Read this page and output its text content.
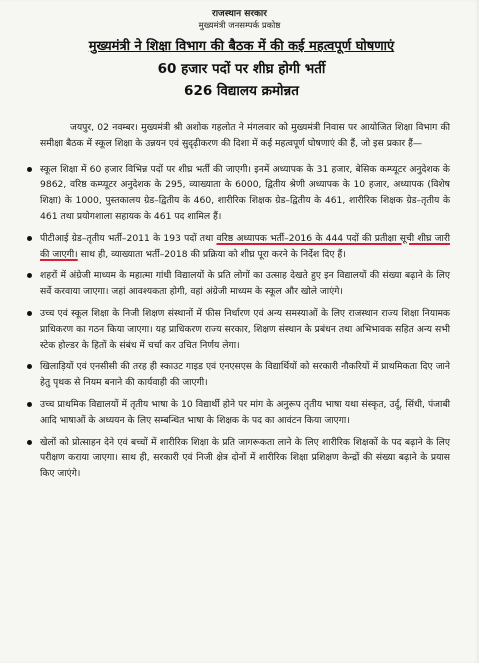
राजस्थान सरकार
मुख्यमंत्री जनसम्पर्क प्रकोष्ठ
मुख्यमंत्री ने शिक्षा विभाग की बैठक में की कई महत्वपूर्ण घोषणाएं
60 हजार पदों पर शीघ्र होगी भर्ती
626 विद्यालय क्रमोन्नत

जयपुर, 02 नवम्बर। मुख्यमंत्री श्री अशोक गहलोत ने मंगलवार को मुख्यमंत्री निवास पर आयोजित शिक्षा विभाग की समीक्षा बैठक में स्कूल शिक्षा के उन्नयन एवं सुदृढ़ीकरण की दिशा में कई महत्वपूर्ण घोषणाएं की हैं, जो इस प्रकार हैं—

स्कूल शिक्षा में 60 हजार विभिन्न पदों पर शीघ्र भर्ती की जाएगी। इनमें अध्यापक के 31 हजार, बेसिक कम्प्यूटर अनुदेशक के 9862, वरिष्ठ कम्प्यूटर अनुदेशक के 295, व्याख्याता के 6000, द्वितीय श्रेणी अध्यापक के 10 हजार, अध्यापक (विशेष शिक्षा) के 1000, पुस्तकालय ग्रेड–द्वितीय के 460, शारीरिक शिक्षक ग्रेड–द्वितीय के 461, शारीरिक शिक्षक ग्रेड–तृतीय के 461 तथा प्रयोगशाला सहायक के 461 पद शामिल हैं।

पीटीआई ग्रेड–तृतीय भर्ती–2011 के 193 पदों तथा वरिष्ठ अध्यापक भर्ती–2016 के 444 पदों की प्रतीक्षा सूची शीघ्र जारी की जाएगी। साथ ही, व्याख्याता भर्ती–2018 की प्रक्रिया को शीघ्र पूरा करने के निर्देश दिए हैं।

शहरों में अंग्रेजी माध्यम के महात्मा गांधी विद्यालयों के प्रति लोगों का उत्साह देखते हुए इन विद्यालयों की संख्या बढ़ाने के लिए सर्वे करवाया जाएगा। जहां आवश्यकता होगी, वहां अंग्रेजी माध्यम के स्कूल और खोले जाएंगे।

उच्च एवं स्कूल शिक्षा के निजी शिक्षण संस्थानों में फीस निर्धारण एवं अन्य समस्याओं के लिए राजस्थान राज्य शिक्षा नियामक प्राधिकरण का गठन किया जाएगा। यह प्राधिकरण राज्य सरकार, शिक्षण संस्थान के प्रबंधन तथा अभिभावक सहित अन्य सभी स्टेक होल्डर के हितों के संबंध में चर्चा कर उचित निर्णय लेगा।

खिलाड़ियों एवं एनसीसी की तरह ही स्काउट गाइड एवं एनएसएस के विद्यार्थियों को सरकारी नौकरियों में प्राथमिकता दिए जाने हेतु पृथक से नियम बनाने की कार्यवाही की जाएगी।

उच्च प्राथमिक विद्यालयों में तृतीय भाषा के 10 विद्यार्थी होने पर मांग के अनुरूप तृतीय भाषा यथा संस्कृत, उर्दू, सिंधी, पंजाबी आदि भाषाओं के अध्ययन के लिए सम्बन्धित भाषा के शिक्षक के पद का आवंटन किया जाएगा।

खेलों को प्रोत्साहन देने एवं बच्चों में शारीरिक शिक्षा के प्रति जागरूकता लाने के लिए शारीरिक शिक्षकों के पद बढ़ाने के लिए परीक्षण कराया जाएगा। साथ ही, सरकारी एवं निजी क्षेत्र दोनों में शारीरिक शिक्षा प्रशिक्षण केन्द्रों की संख्या बढ़ाने के प्रयास किए जाएंगे।
